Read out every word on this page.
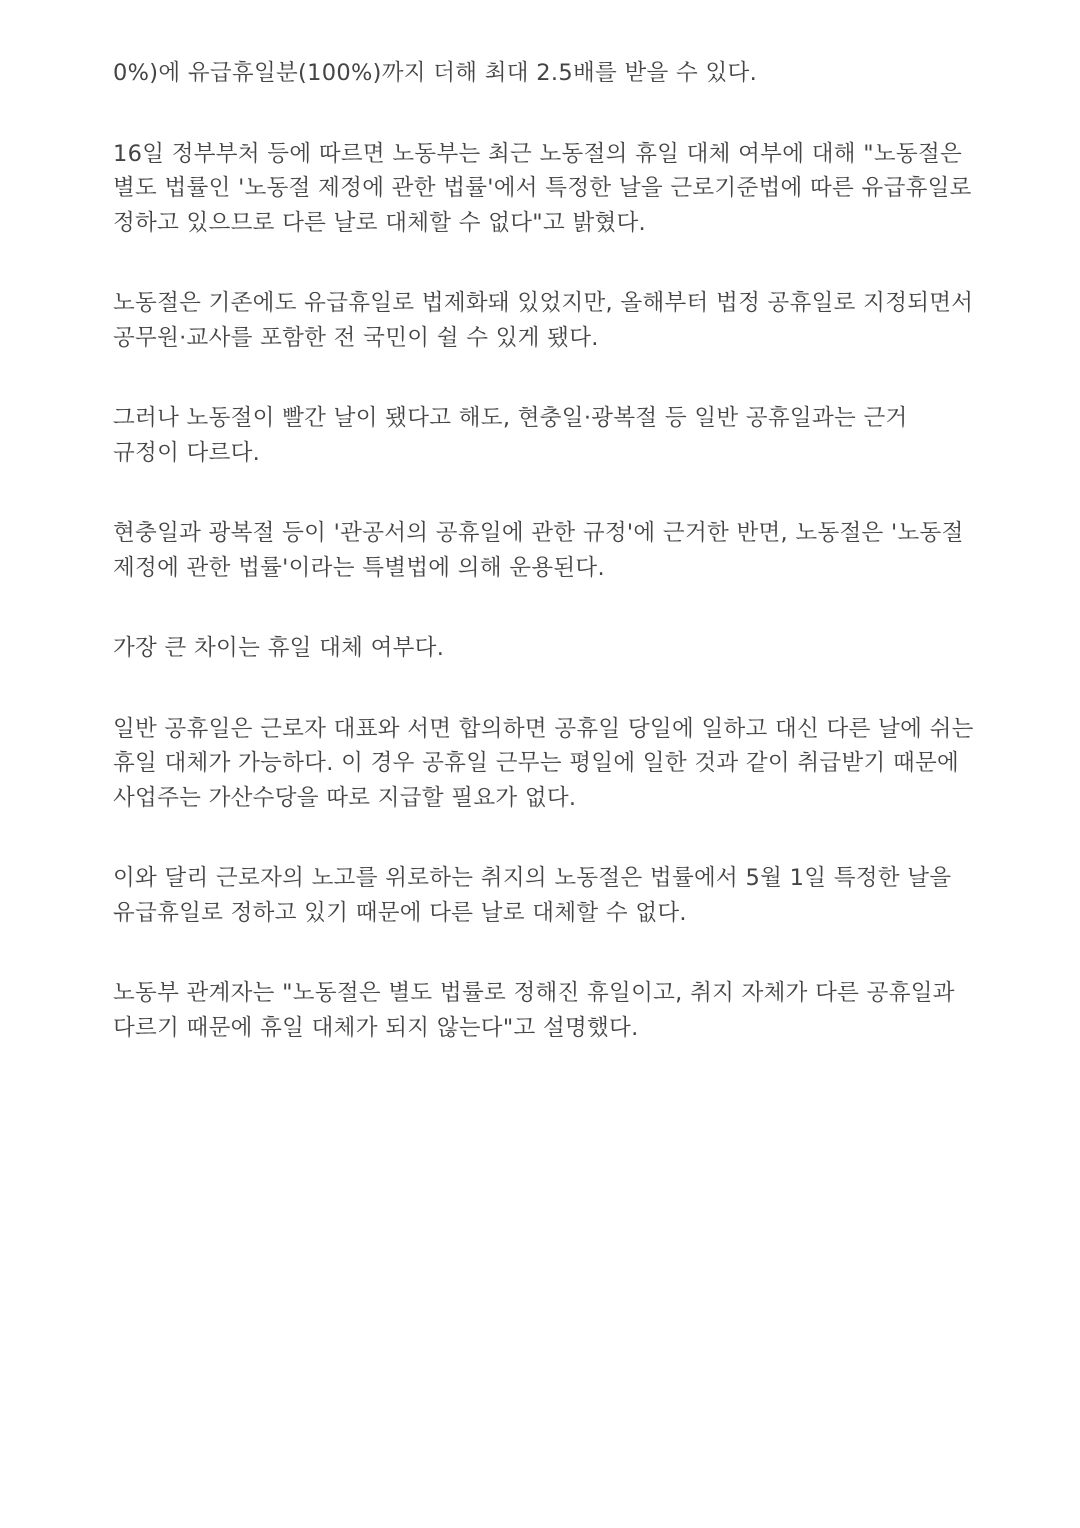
0%)에 유급휴일분(100%)까지 더해 최대 2.5배를 받을 수 있다.

16일 정부부처 등에 따르면 노동부는 최근 노동절의 휴일 대체 여부에 대해 "노동절은 별도 법률인 '노동절 제정에 관한 법률'에서 특정한 날을 근로기준법에 따른 유급휴일로 정하고 있으므로 다른 날로 대체할 수 없다"고 밝혔다.

노동절은 기존에도 유급휴일로 법제화돼 있었지만, 올해부터 법정 공휴일로 지정되면서 공무원·교사를 포함한 전 국민이 쉴 수 있게 됐다.

그러나 노동절이 빨간 날이 됐다고 해도, 현충일·광복절 등 일반 공휴일과는 근거 규정이 다르다.

현충일과 광복절 등이 '관공서의 공휴일에 관한 규정'에 근거한 반면, 노동절은 '노동절 제정에 관한 법률'이라는 특별법에 의해 운용된다.

가장 큰 차이는 휴일 대체 여부다.

일반 공휴일은 근로자 대표와 서면 합의하면 공휴일 당일에 일하고 대신 다른 날에 쉬는 휴일 대체가 가능하다. 이 경우 공휴일 근무는 평일에 일한 것과 같이 취급받기 때문에 사업주는 가산수당을 따로 지급할 필요가 없다.

이와 달리 근로자의 노고를 위로하는 취지의 노동절은 법률에서 5월 1일 특정한 날을 유급휴일로 정하고 있기 때문에 다른 날로 대체할 수 없다.

노동부 관계자는 "노동절은 별도 법률로 정해진 휴일이고, 취지 자체가 다른 공휴일과 다르기 때문에 휴일 대체가 되지 않는다"고 설명했다.
